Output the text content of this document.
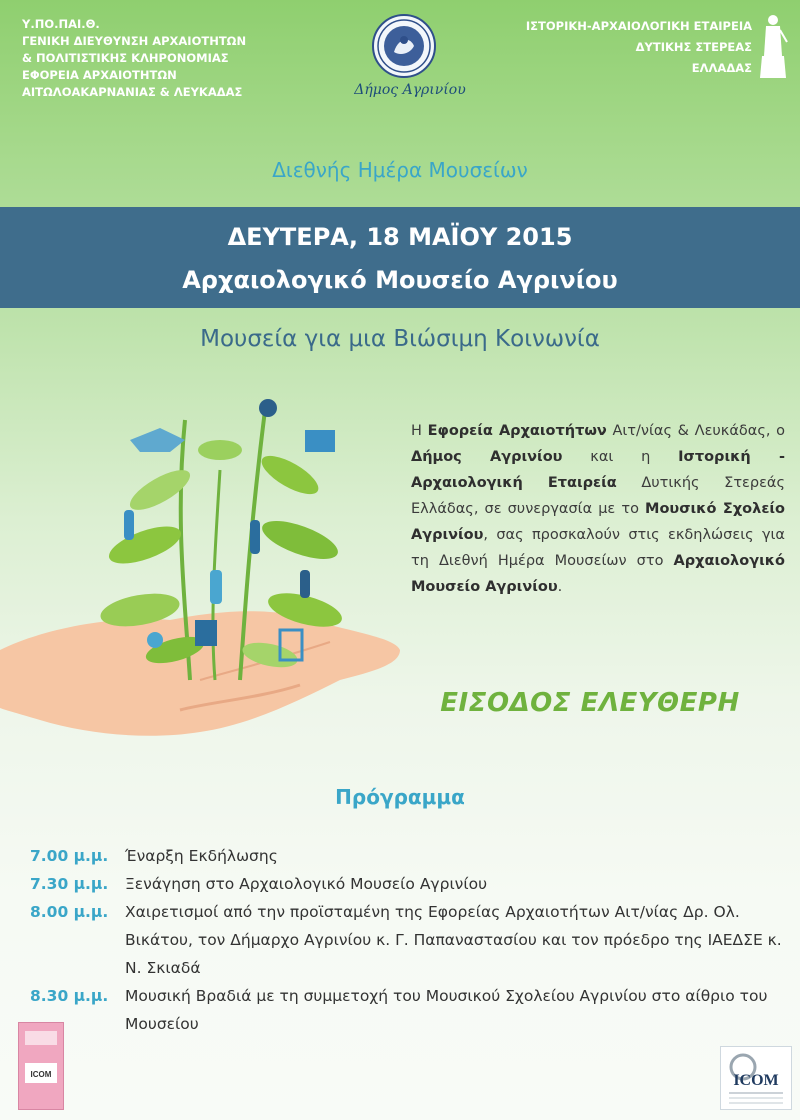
Υ.ΠΟ.ΠΑΙ.Θ.
ΓΕΝΙΚΗ ΔΙΕΥΘΥΝΣΗ ΑΡΧΑΙΟΤΗΤΩΝ
& ΠΟΛΙΤΙΣΤΙΚΗΣ ΚΛΗΡΟΝΟΜΙΑΣ
ΕΦΟΡΕΙΑ ΑΡΧΑΙΟΤΗΤΩΝ
ΑΙΤΩΛΟΑΚΑΡΝΑΝΙΑΣ & ΛΕΥΚΑΔΑΣ	Δήμος Αγρινίου
ΙΣΤΟΡΙΚΗ-ΑΡΧΑΙΟΛΟΓΙΚΗ ΕΤΑΙΡΕΙΑ
ΔΥΤΙΚΗΣ ΣΤΕΡΕΑΣ
ΕΛΛΑΔΑΣ
Διεθνής Ημέρα Μουσείων
ΔΕΥΤΕΡΑ, 18 ΜΑΪΟΥ 2015
Αρχαιολογικό Μουσείο Αγρινίου
Μουσεία για μια Βιώσιμη Κοινωνία
Η Εφορεία Αρχαιοτήτων Αιτ/νίας & Λευκάδας, ο Δήμος Αγρινίου και η Ιστορική - Αρχαιολογική Εταιρεία Δυτικής Στερεάς Ελλάδας, σε συνεργασία με το Μουσικό Σχολείο Αγρινίου, σας προσκαλούν στις εκδηλώσεις για τη Διεθνή Ημέρα Μουσείων στο Αρχαιολογικό Μουσείο Αγρινίου.
ΕΙΣΟΔΟΣ ΕΛΕΥΘΕΡΗ
Πρόγραμμα
7.00 μ.μ.	Έναρξη Εκδήλωσης
7.30 μ.μ.	Ξενάγηση στο Αρχαιολογικό Μουσείο Αγρινίου
8.00 μ.μ.	Χαιρετισμοί από την προϊσταμένη της Εφορείας Αρχαιοτήτων Αιτ/νίας Δρ. Ολ. Βικάτου, τον Δήμαρχο Αγρινίου κ. Γ. Παπαναστασίου και τον πρόεδρο της ΙΑΕΔΣΕ κ. Ν. Σκιαδά
8.30 μ.μ.	Μουσική Βραδιά με τη συμμετοχή του Μουσικού Σχολείου Αγρινίου στο αίθριο του Μουσείου
ICOM	ICOM
